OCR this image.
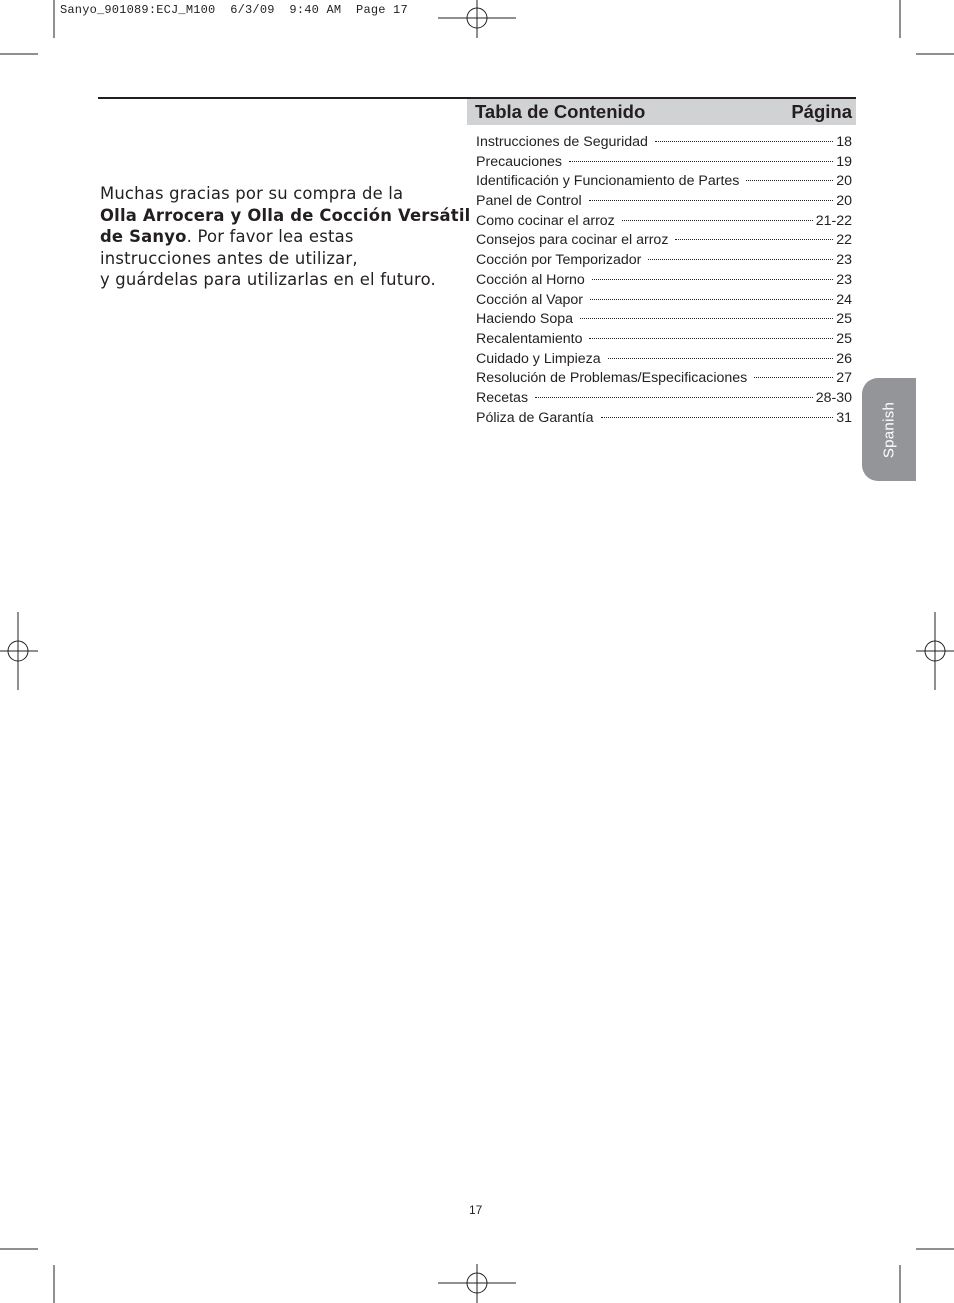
Sanyo_901089:ECJ_M100  6/3/09  9:40 AM  Page 17
Muchas gracias por su compra de la
Olla Arrocera y Olla de Cocción Versátil
de Sanyo. Por favor lea estas
instrucciones antes de utilizar,
y guárdelas para utilizarlas en el futuro.
Tabla de Contenido	Página
Instrucciones de Seguridad	18
Precauciones	19
Identificación y Funcionamiento de Partes	20
Panel de Control	20
Como cocinar el arroz	21-22
Consejos para cocinar el arroz	22
Cocción por Temporizador	23
Cocción al Horno	23
Cocción al Vapor	24
Haciendo Sopa	25
Recalentamiento	25
Cuidado y Limpieza	26
Resolución de Problemas/Especificaciones	27
Recetas	28-30
Póliza de Garantía	31 Spanish
17
